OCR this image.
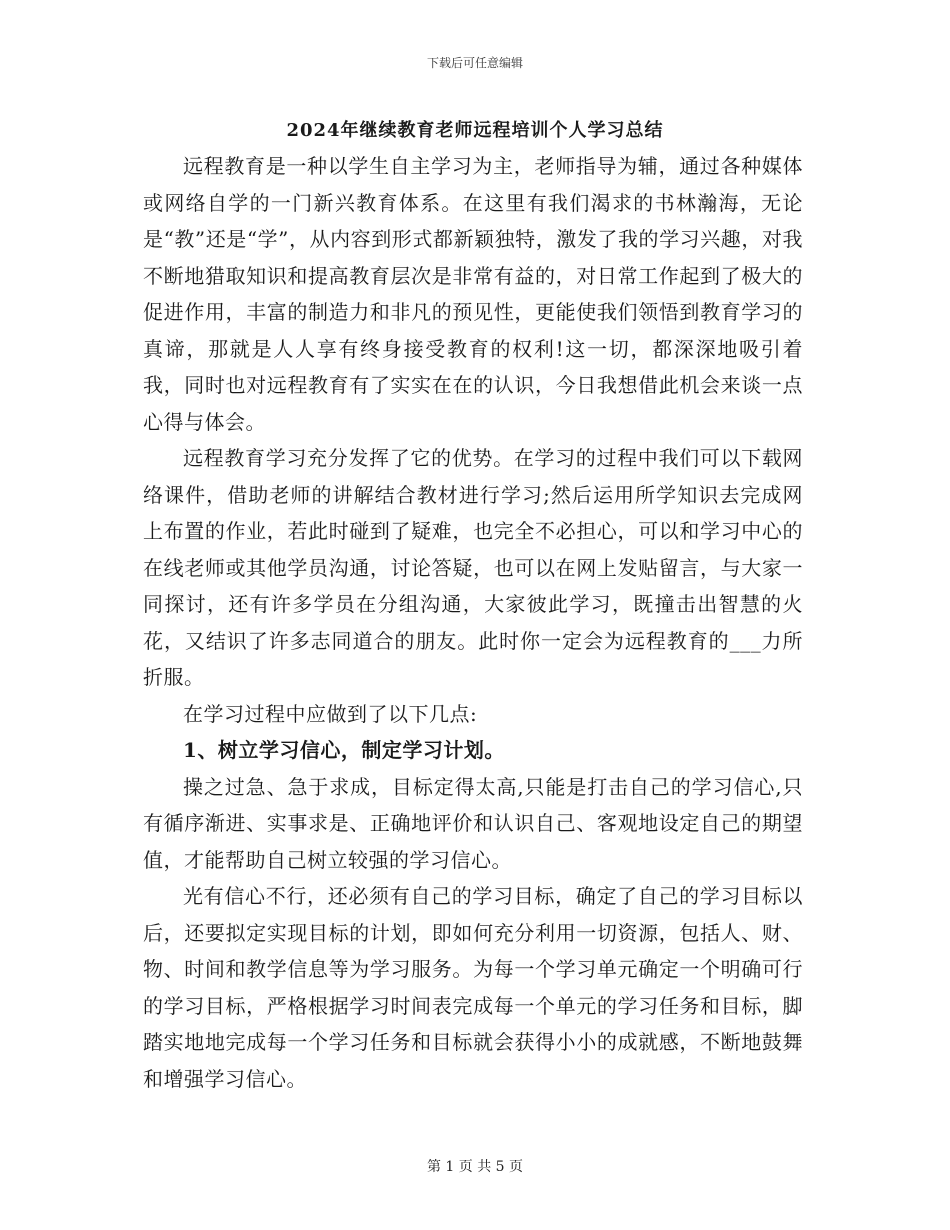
下载后可任意编辑
2024年继续教育老师远程培训个人学习总结

远程教育是一种以学生自主学习为主，老师指导为辅，通过各种媒体或网络自学的一门新兴教育体系。在这里有我们渴求的书林瀚海，无论是“教”还是“学”，从内容到形式都新颖独特，激发了我的学习兴趣，对我不断地猎取知识和提高教育层次是非常有益的，对日常工作起到了极大的促进作用，丰富的制造力和非凡的预见性，更能使我们领悟到教育学习的真谛，那就是人人享有终身接受教育的权利!这一切，都深深地吸引着我，同时也对远程教育有了实实在在的认识，今日我想借此机会来谈一点心得与体会。

远程教育学习充分发挥了它的优势。在学习的过程中我们可以下载网络课件，借助老师的讲解结合教材进行学习;然后运用所学知识去完成网上布置的作业，若此时碰到了疑难，也完全不必担心，可以和学习中心的在线老师或其他学员沟通，讨论答疑，也可以在网上发贴留言，与大家一同探讨，还有许多学员在分组沟通，大家彼此学习，既撞击出智慧的火花，又结识了许多志同道合的朋友。此时你一定会为远程教育的___力所折服。

在学习过程中应做到了以下几点:

1、树立学习信心，制定学习计划。

操之过急、急于求成，目标定得太高,只能是打击自己的学习信心,只有循序渐进、实事求是、正确地评价和认识自己、客观地设定自己的期望值，才能帮助自己树立较强的学习信心。

光有信心不行，还必须有自己的学习目标，确定了自己的学习目标以后，还要拟定实现目标的计划，即如何充分利用一切资源，包括人、财、物、时间和教学信息等为学习服务。为每一个学习单元确定一个明确可行的学习目标，严格根据学习时间表完成每一个单元的学习任务和目标，脚踏实地地完成每一个学习任务和目标就会获得小小的成就感，不断地鼓舞和增强学习信心。

第 1 页 共 5 页
